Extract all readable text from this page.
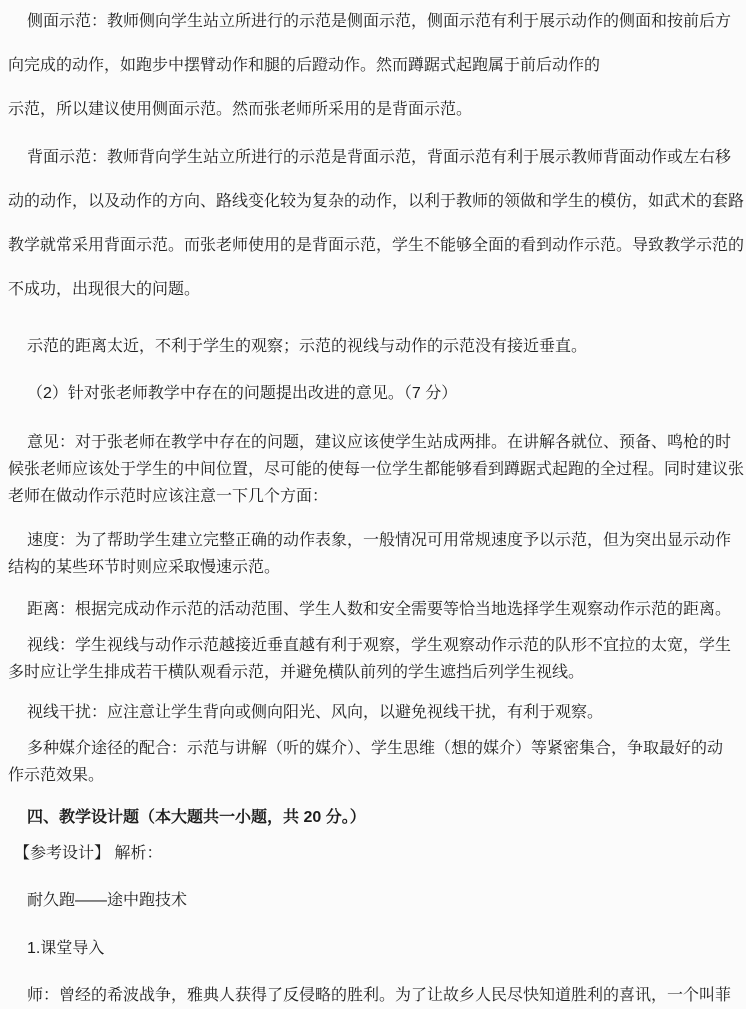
侧面示范：教师侧向学生站立所进行的示范是侧面示范，侧面示范有利于展示动作的侧面和按前后方
向完成的动作，如跑步中摆臂动作和腿的后蹬动作。然而蹲踞式起跑属于前后动作的
示范，所以建议使用侧面示范。然而张老师所采用的是背面示范。
背面示范：教师背向学生站立所进行的示范是背面示范，背面示范有利于展示教师背面动作或左右移
动的动作，以及动作的方向、路线变化较为复杂的动作，以利于教师的领做和学生的模仿，如武术的套路
教学就常采用背面示范。而张老师使用的是背面示范，学生不能够全面的看到动作示范。导致教学示范的
不成功，出现很大的问题。
示范的距离太近，不利于学生的观察；示范的视线与动作的示范没有接近垂直。
（2）针对张老师教学中存在的问题提出改进的意见。（7 分）
意见：对于张老师在教学中存在的问题，建议应该使学生站成两排。在讲解各就位、预备、鸣枪的时
候张老师应该处于学生的中间位置，尽可能的使每一位学生都能够看到蹲踞式起跑的全过程。同时建议张
老师在做动作示范时应该注意一下几个方面：
速度：为了帮助学生建立完整正确的动作表象，一般情况可用常规速度予以示范，但为突出显示动作
结构的某些环节时则应采取慢速示范。
距离：根据完成动作示范的活动范围、学生人数和安全需要等恰当地选择学生观察动作示范的距离。
视线：学生视线与动作示范越接近垂直越有利于观察，学生观察动作示范的队形不宜拉的太宽，学生
多时应让学生排成若干横队观看示范，并避免横队前列的学生遮挡后列学生视线。
视线干扰：应注意让学生背向或侧向阳光、风向，以避免视线干扰，有利于观察。
多种媒介途径的配合：示范与讲解（听的媒介）、学生思维（想的媒介）等紧密集合，争取最好的动
作示范效果。
四、教学设计题（本大题共一小题，共 20 分。）
【参考设计】 解析：
耐久跑——途中跑技术
1.课堂导入
师：曾经的希波战争，雅典人获得了反侵略的胜利。为了让故乡人民尽快知道胜利的喜讯，一个叫菲
